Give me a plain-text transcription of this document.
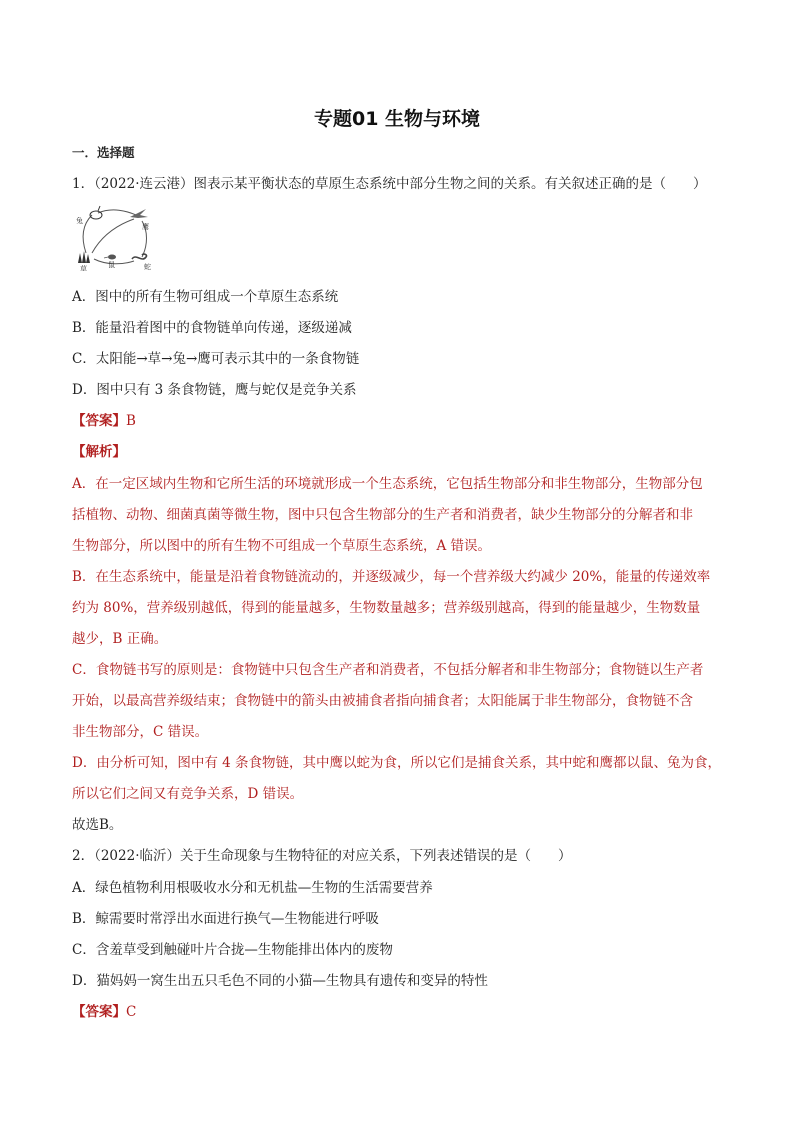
专题01 生物与环境
一．选择题
1．（2022·连云港）图表示某平衡状态的草原生态系统中部分生物之间的关系。有关叙述正确的是（　　）
兔
鹰
草	鼠	蛇
A．图中的所有生物可组成一个草原生态系统
B．能量沿着图中的食物链单向传递，逐级递减
C．太阳能→草→兔→鹰可表示其中的一条食物链
D．图中只有 3 条食物链，鹰与蛇仅是竞争关系
【答案】B
【解析】
A．在一定区域内生物和它所生活的环境就形成一个生态系统，它包括生物部分和非生物部分，生物部分包
括植物、动物、细菌真菌等微生物，图中只包含生物部分的生产者和消费者，缺少生物部分的分解者和非
生物部分，所以图中的所有生物不可组成一个草原生态系统，A 错误。
B．在生态系统中，能量是沿着食物链流动的，并逐级减少，每一个营养级大约减少 20%，能量的传递效率
约为 80%，营养级别越低，得到的能量越多，生物数量越多；营养级别越高，得到的能量越少，生物数量
越少，B 正确。
C．食物链书写的原则是：食物链中只包含生产者和消费者，不包括分解者和非生物部分；食物链以生产者
开始，以最高营养级结束；食物链中的箭头由被捕食者指向捕食者；太阳能属于非生物部分，食物链不含
非生物部分，C 错误。
D．由分析可知，图中有 4 条食物链，其中鹰以蛇为食，所以它们是捕食关系，其中蛇和鹰都以鼠、兔为食，
所以它们之间又有竞争关系，D 错误。
故选B。
2．（2022·临沂）关于生命现象与生物特征的对应关系，下列表述错误的是（　　）
A．绿色植物利用根吸收水分和无机盐—生物的生活需要营养
B．鲸需要时常浮出水面进行换气—生物能进行呼吸
C．含羞草受到触碰叶片合拢—生物能排出体内的废物
D．猫妈妈一窝生出五只毛色不同的小猫—生物具有遗传和变异的特性
【答案】C
